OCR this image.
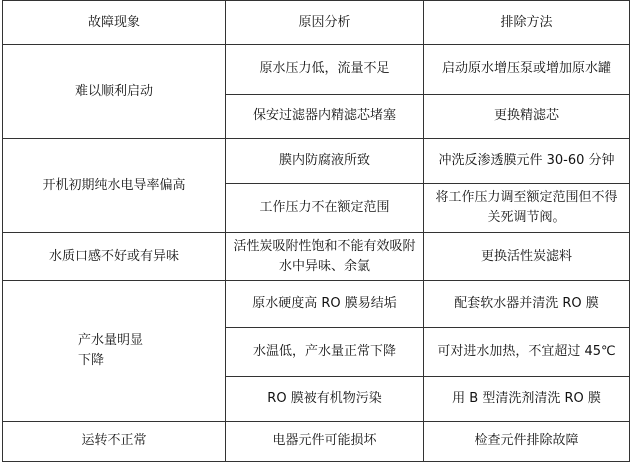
故障现象	原因分析	排除方法
难以顺利启动	原水压力低，流量不足	启动原水增压泵或增加原水罐
	保安过滤器内精滤芯堵塞	更换精滤芯
开机初期纯水电导率偏高	膜内防腐液所致	冲洗反渗透膜元件 30-60 分钟
	工作压力不在额定范围	将工作压力调至额定范围但不得关死调节阀。
水质口感不好或有异味	活性炭吸附性饱和不能有效吸附水中异味、余氯	更换活性炭滤料
产水量明显下降	原水硬度高 RO 膜易结垢	配套软水器并清洗 RO 膜
	水温低，产水量正常下降	可对进水加热，不宜超过 45℃
	RO 膜被有机物污染	用 B 型清洗剂清洗 RO 膜
运转不正常	电器元件可能损坏	检查元件排除故障
